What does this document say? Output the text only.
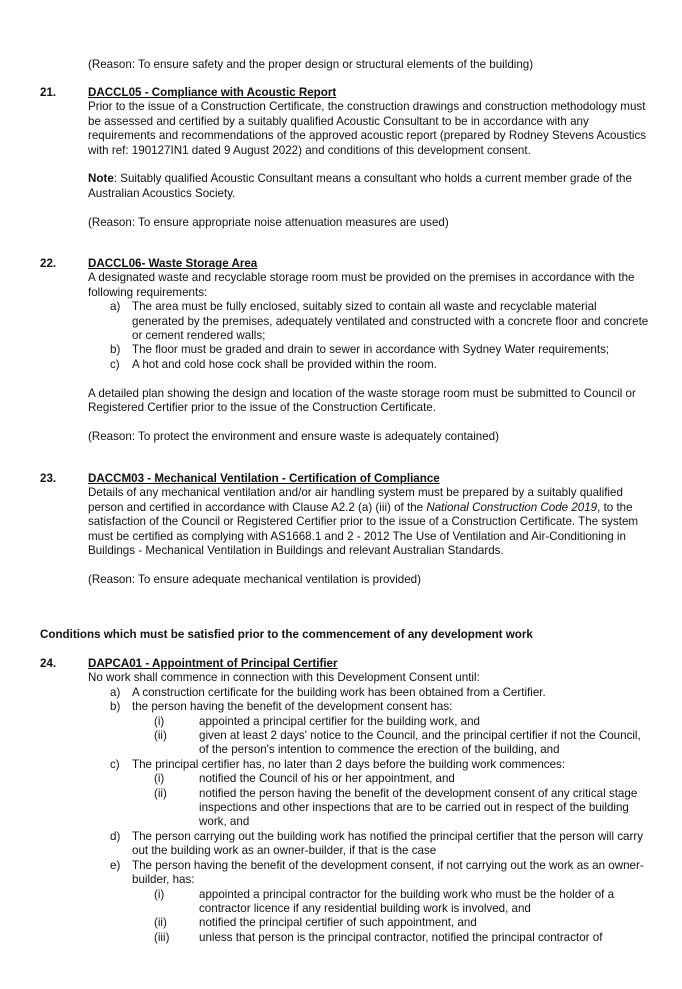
(Reason: To ensure safety and the proper design or structural elements of the building)

21.	DACCL05 - Compliance with Acoustic Report

Prior to the issue of a Construction Certificate, the construction drawings and construction methodology must be assessed and certified by a suitably qualified Acoustic Consultant to be in accordance with any requirements and recommendations of the approved acoustic report (prepared by Rodney Stevens Acoustics with ref: 190127IN1 dated 9 August 2022) and conditions of this development consent.

Note: Suitably qualified Acoustic Consultant means a consultant who holds a current member grade of the Australian Acoustics Society.

(Reason: To ensure appropriate noise attenuation measures are used)

22.	DACCL06- Waste Storage Area

A designated waste and recyclable storage room must be provided on the premises in accordance with the following requirements:

a) The area must be fully enclosed, suitably sized to contain all waste and recyclable material generated by the premises, adequately ventilated and constructed with a concrete floor and concrete or cement rendered walls;
b) The floor must be graded and drain to sewer in accordance with Sydney Water requirements;
c) A hot and cold hose cock shall be provided within the room.

A detailed plan showing the design and location of the waste storage room must be submitted to Council or Registered Certifier prior to the issue of the Construction Certificate.

(Reason: To protect the environment and ensure waste is adequately contained)

23.	DACCM03 - Mechanical Ventilation - Certification of Compliance

Details of any mechanical ventilation and/or air handling system must be prepared by a suitably qualified person and certified in accordance with Clause A2.2 (a) (iii) of the National Construction Code 2019, to the satisfaction of the Council or Registered Certifier prior to the issue of a Construction Certificate. The system must be certified as complying with AS1668.1 and 2 - 2012 The Use of Ventilation and Air-Conditioning in Buildings - Mechanical Ventilation in Buildings and relevant Australian Standards.

(Reason: To ensure adequate mechanical ventilation is provided)

Conditions which must be satisfied prior to the commencement of any development work

24.	DAPCA01 - Appointment of Principal Certifier

No work shall commence in connection with this Development Consent until:

a) A construction certificate for the building work has been obtained from a Certifier.
b) the person having the benefit of the development consent has:
(i)	appointed a principal certifier for the building work, and
(ii)	given at least 2 days' notice to the Council, and the principal certifier if not the Council, of the person's intention to commence the erection of the building, and
c) The principal certifier has, no later than 2 days before the building work commences:
(i)	notified the Council of his or her appointment, and
(ii)	notified the person having the benefit of the development consent of any critical stage inspections and other inspections that are to be carried out in respect of the building work, and
d) The person carrying out the building work has notified the principal certifier that the person will carry out the building work as an owner-builder, if that is the case
e) The person having the benefit of the development consent, if not carrying out the work as an owner-builder, has:
(i)	appointed a principal contractor for the building work who must be the holder of a contractor licence if any residential building work is involved, and
(ii)	notified the principal certifier of such appointment, and
(iii)	unless that person is the principal contractor, notified the principal contractor of
